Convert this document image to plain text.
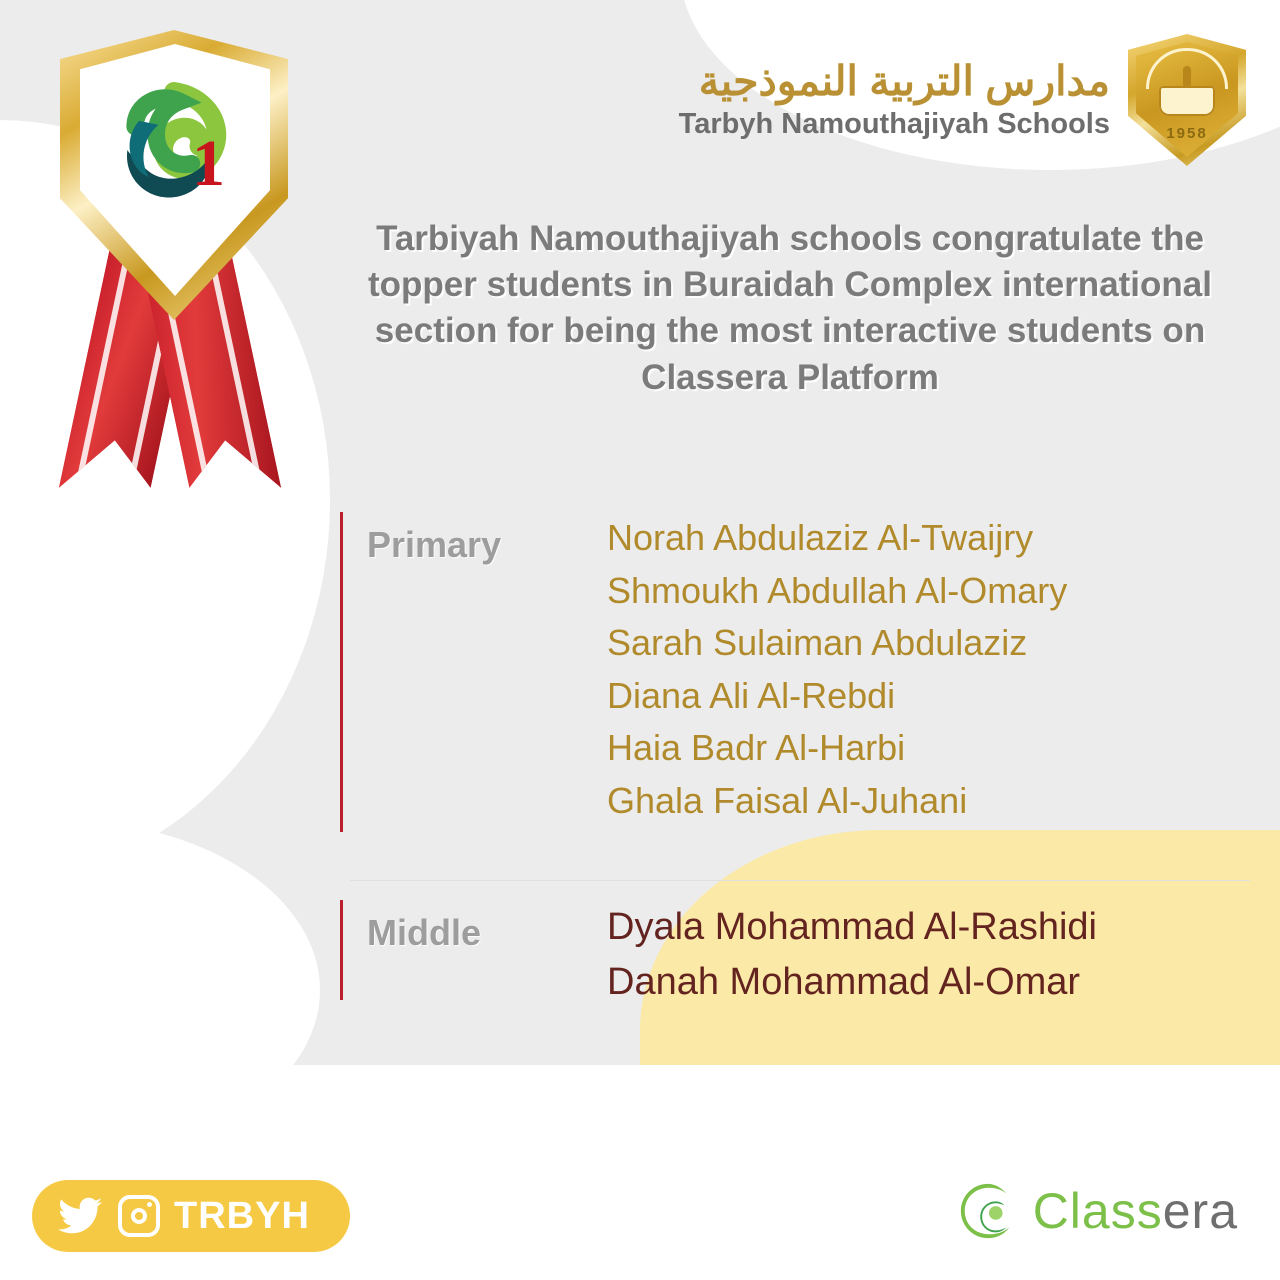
مدارس التربية النموذجية
Tarbyh Namouthajiyah Schools	1958
1
Tarbiyah Namouthajiyah schools congratulate the topper students in Buraidah Complex international section for being the most interactive students on Classera Platform
Primary	Norah Abdulaziz Al-Twaijry
Shmoukh Abdullah Al-Omary
Sarah Sulaiman Abdulaziz
Diana Ali Al-Rebdi
Haia Badr Al-Harbi
Ghala Faisal Al-Juhani
Middle	Dyala Mohammad Al-Rashidi
Danah Mohammad Al-Omar
TRBYH	Classera
